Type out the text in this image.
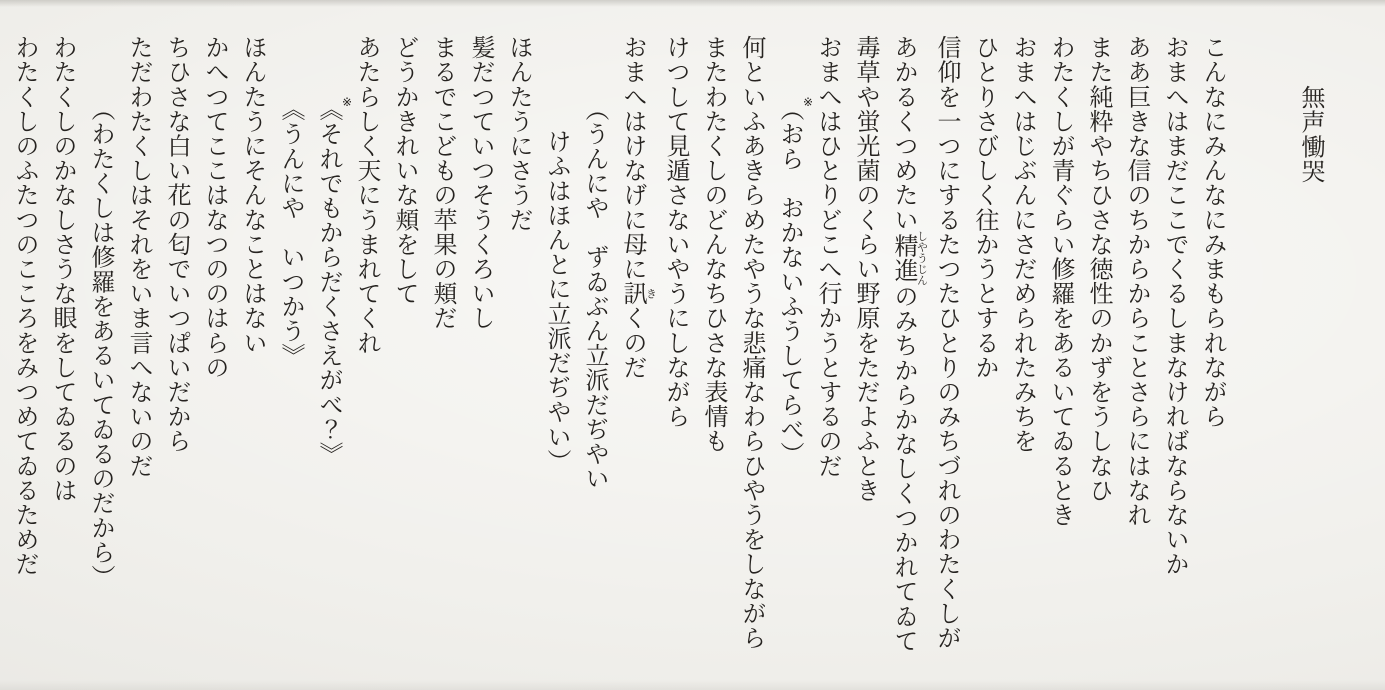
無声慟哭
こんなにみんなにみまもられながら
おまへはまだここでくるしまなければならないか
ああ巨きな信のちからからことさらにはなれ
また純粋やちひさな徳性のかずをうしなひ
わたくしが青ぐらい修羅をあるいてゐるとき
おまへはじぶんにさだめられたみちを
ひとりさびしく往かうとするか
信仰を一つにするたつたひとりのみちづれのわたくしが
あかるくつめたい精進しやうじんのみちからかなしくつかれてゐて
毒草や蛍光菌のくらい野原をただよふとき
おまへはひとりどこへ行かうとするのだ
※
（おら　おかないふうしてらべ）
何といふあきらめたやうな悲痛なわらひやうをしながら
またわたくしのどんなちひさな表情も
けつして見遁さないやうにしながら
おまへはけなげに母に訊きくのだ
（うんにや　ずゐぶん立派だぢやい
けふはほんとに立派だぢやい）
ほんたうにさうだ
髪だつていつそうくろいし
まるでこどもの苹果の頬だ
どうかきれいな頬をして
あたらしく天にうまれてくれ
※
《それでもからだくさえがべ？》
《うんにや　いつかう》
ほんたうにそんなことはない
かへつてここはなつののはらの
ちひさな白い花の匂でいつぱいだから
ただわたくしはそれをいま言へないのだ
（わたくしは修羅をあるいてゐるのだから）
わたくしのかなしさうな眼をしてゐるのは
わたくしのふたつのこころをみつめてゐるためだ
